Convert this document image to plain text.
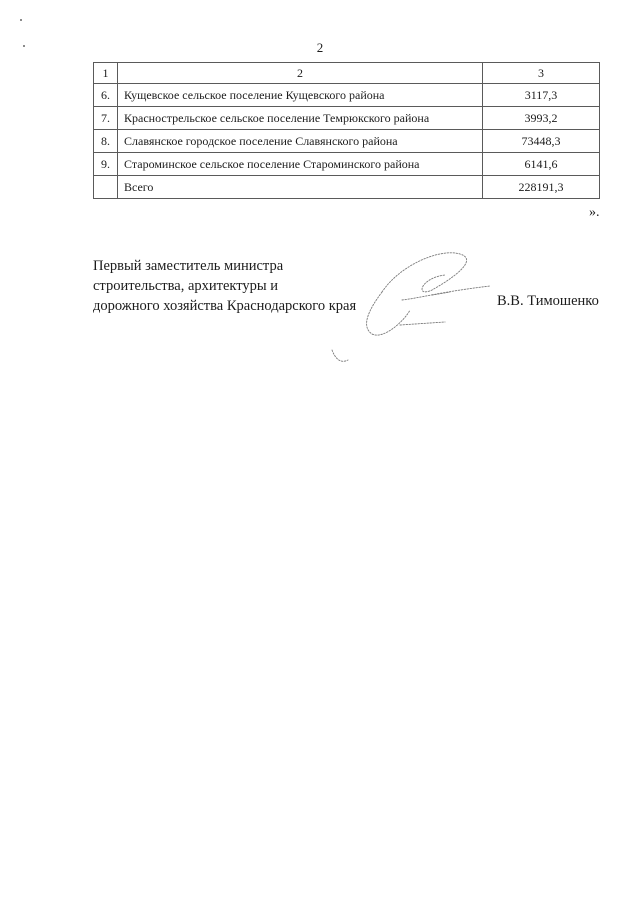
2
1	2	3
6.	Кущевское сельское поселение Кущевского района	3117,3
7.	Краснострельское сельское поселение Темрюкского района	3993,2
8.	Славянское городское поселение Славянского района	73448,3
9.	Староминское сельское поселение Староминского района	6141,6
	Всего	228191,3
».
Первый заместитель министра
строительства, архитектуры и
дорожного хозяйства Краснодарского края	В.В. Тимошенко
